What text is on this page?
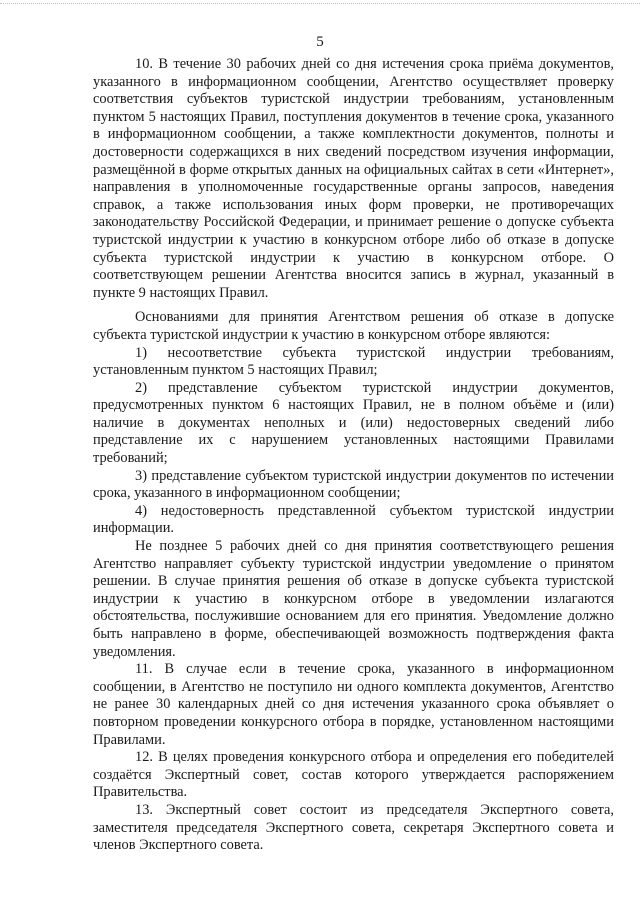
5

10. В течение 30 рабочих дней со дня истечения срока приёма документов, указанного в информационном сообщении, Агентство осуществляет проверку соответствия субъектов туристской индустрии требованиям, установленным пунктом 5 настоящих Правил, поступления документов в течение срока, указанного в информационном сообщении, а также комплектности документов, полноты и достоверности содержащихся в них сведений посредством изучения информации, размещённой в форме открытых данных на официальных сайтах в сети «Интернет», направления в уполномоченные государственные органы запросов, наведения справок, а также использования иных форм проверки, не противоречащих законодательству Российской Федерации, и принимает решение о допуске субъекта туристской индустрии к участию в конкурсном отборе либо об отказе в допуске субъекта туристской индустрии к участию в конкурсном отборе. О соответствующем решении Агентства вносится запись в журнал, указанный в пункте 9 настоящих Правил.

Основаниями для принятия Агентством решения об отказе в допуске субъекта туристской индустрии к участию в конкурсном отборе являются:

1) несоответствие субъекта туристской индустрии требованиям, установленным пунктом 5 настоящих Правил;

2) представление субъектом туристской индустрии документов, предусмотренных пунктом 6 настоящих Правил, не в полном объёме и (или) наличие в документах неполных и (или) недостоверных сведений либо представление их с нарушением установленных настоящими Правилами требований;

3) представление субъектом туристской индустрии документов по истечении срока, указанного в информационном сообщении;

4) недостоверность представленной субъектом туристской индустрии информации.

Не позднее 5 рабочих дней со дня принятия соответствующего решения Агентство направляет субъекту туристской индустрии уведомление о принятом решении. В случае принятия решения об отказе в допуске субъекта туристской индустрии к участию в конкурсном отборе в уведомлении излагаются обстоятельства, послужившие основанием для его принятия. Уведомление должно быть направлено в форме, обеспечивающей возможность подтверждения факта уведомления.

11. В случае если в течение срока, указанного в информационном сообщении, в Агентство не поступило ни одного комплекта документов, Агентство не ранее 30 календарных дней со дня истечения указанного срока объявляет о повторном проведении конкурсного отбора в порядке, установленном настоящими Правилами.

12. В целях проведения конкурсного отбора и определения его победителей создаётся Экспертный совет, состав которого утверждается распоряжением Правительства.

13. Экспертный совет состоит из председателя Экспертного совета, заместителя председателя Экспертного совета, секретаря Экспертного совета и членов Экспертного совета.
